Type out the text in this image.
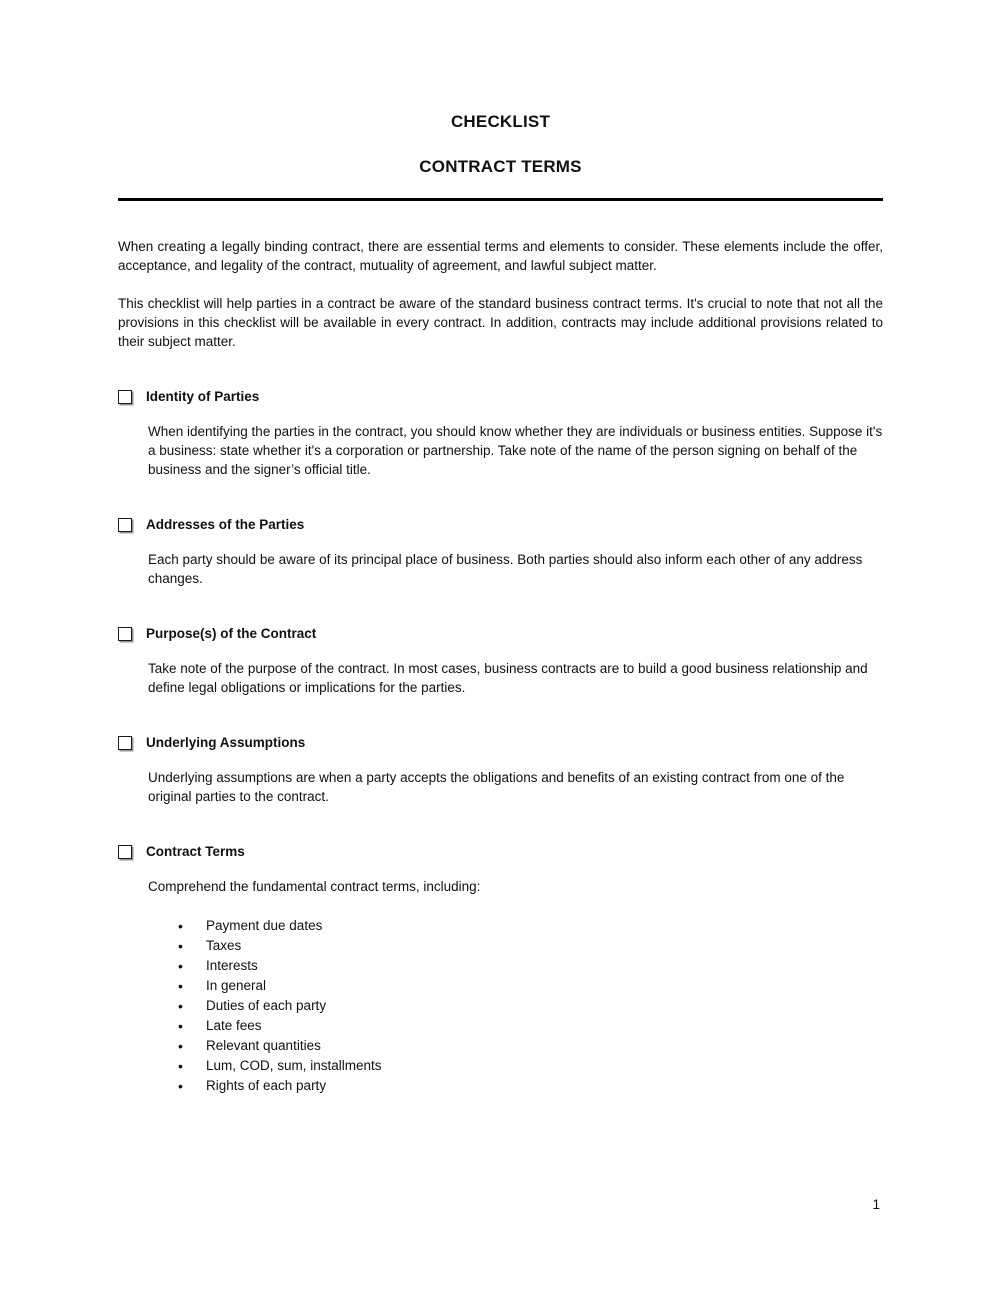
CHECKLIST
CONTRACT TERMS

When creating a legally binding contract, there are essential terms and elements to consider. These elements include the offer, acceptance, and legality of the contract, mutuality of agreement, and lawful subject matter.

This checklist will help parties in a contract be aware of the standard business contract terms. It's crucial to note that not all the provisions in this checklist will be available in every contract. In addition, contracts may include additional provisions related to their subject matter.

Identity of Parties

When identifying the parties in the contract, you should know whether they are individuals or business entities. Suppose it's a business: state whether it's a corporation or partnership. Take note of the name of the person signing on behalf of the business and the signer’s official title.

Addresses of the Parties

Each party should be aware of its principal place of business. Both parties should also inform each other of any address changes.

Purpose(s) of the Contract

Take note of the purpose of the contract. In most cases, business contracts are to build a good business relationship and define legal obligations or implications for the parties.

Underlying Assumptions

Underlying assumptions are when a party accepts the obligations and benefits of an existing contract from one of the original parties to the contract.

Contract Terms

Comprehend the fundamental contract terms, including:

• Payment due dates
• Taxes
• Interests
• In general
• Duties of each party
• Late fees
• Relevant quantities
• Lum, COD, sum, installments
• Rights of each party
1
